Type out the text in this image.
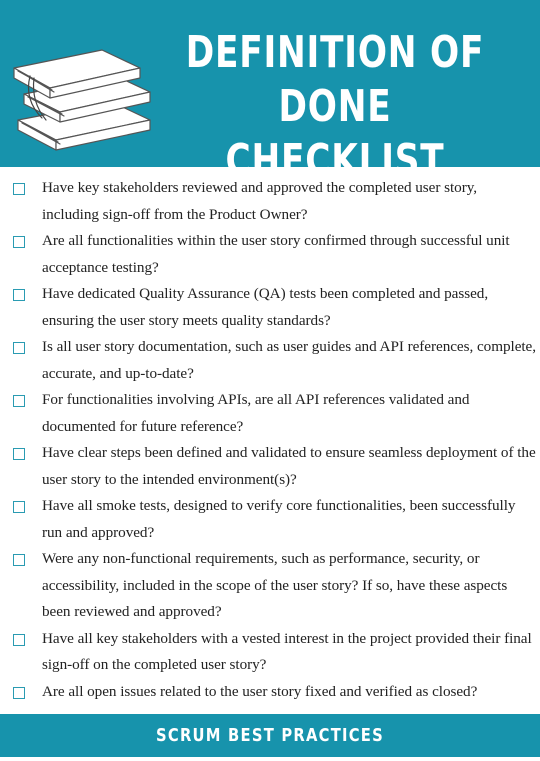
DEFINITION OF DONE
CHECKLIST
Have key stakeholders reviewed and approved the completed user story, including sign-off from the Product Owner?
Are all functionalities within the user story confirmed through successful unit acceptance testing?
Have dedicated Quality Assurance (QA) tests been completed and passed, ensuring the user story meets quality standards?
Is all user story documentation, such as user guides and API references, complete, accurate, and up-to-date?
For functionalities involving APIs, are all API references validated and documented for future reference?
Have clear steps been defined and validated to ensure seamless deployment of the user story to the intended environment(s)?
Have all smoke tests, designed to verify core functionalities, been successfully run and approved?
Were any non-functional requirements, such as performance, security, or accessibility, included in the scope of the user story? If so, have these aspects been reviewed and approved?
Have all key stakeholders with a vested interest in the project provided their final sign-off on the completed user story?
Are all open issues related to the user story fixed and verified as closed?
SCRUM BEST PRACTICES
